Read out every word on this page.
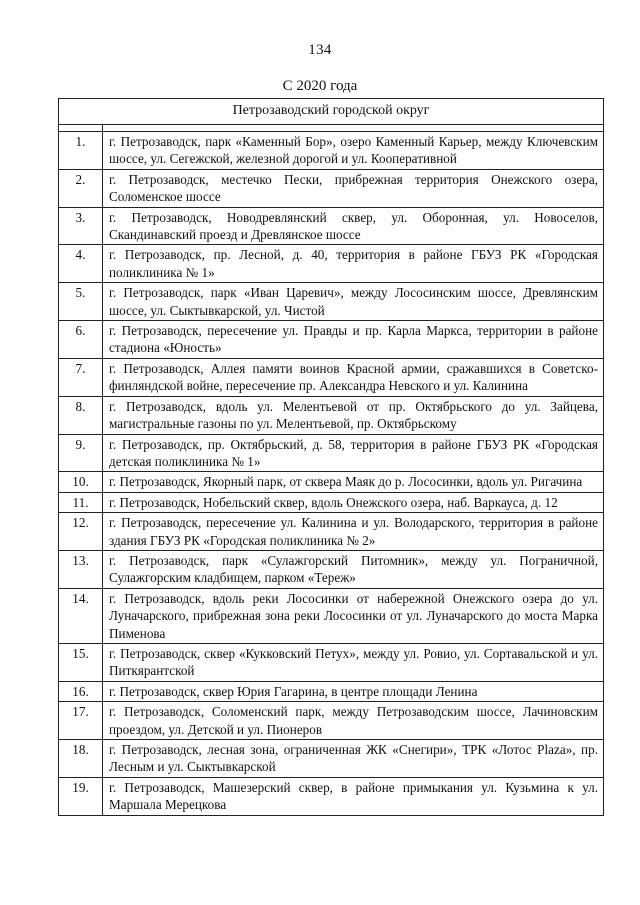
134
С 2020 года
Петрозаводский городской округ

1.	г. Петрозаводск, парк «Каменный Бор», озеро Каменный Карьер, между Ключевским шоссе, ул. Сегежской, железной дорогой и ул. Кооперативной
2.	г. Петрозаводск, местечко Пески, прибрежная территория Онежского озера, Соломенское шоссе
3.	г. Петрозаводск, Новодревлянский сквер, ул. Оборонная, ул. Новоселов, Скандинавский проезд и Древлянское шоссе
4.	г. Петрозаводск, пр. Лесной, д. 40, территория в районе ГБУЗ РК «Городская поликлиника № 1»
5.	г. Петрозаводск, парк «Иван Царевич», между Лососинским шоссе, Древлянским шоссе, ул. Сыктывкарской, ул. Чистой
6.	г. Петрозаводск, пересечение ул. Правды и пр. Карла Маркса, территории в районе стадиона «Юность»
7.	г. Петрозаводск, Аллея памяти воинов Красной армии, сражавшихся в Советско-финляндской войне, пересечение пр. Александра Невского и ул. Калинина
8.	г. Петрозаводск, вдоль ул. Мелентьевой от пр. Октябрьского до ул. Зайцева, магистральные газоны по ул. Мелентьевой, пр. Октябрьскому
9.	г. Петрозаводск, пр. Октябрьский, д. 58, территория в районе ГБУЗ РК «Городская детская поликлиника № 1»
10.	г. Петрозаводск, Якорный парк, от сквера Маяк до р. Лососинки, вдоль ул. Ригачина
11.	г. Петрозаводск, Нобельский сквер, вдоль Онежского озера, наб. Варкауса, д. 12
12.	г. Петрозаводск, пересечение ул. Калинина и ул. Володарского, территория в районе здания ГБУЗ РК «Городская поликлиника № 2»
13.	г. Петрозаводск, парк «Сулажгорский Питомник», между ул. Пограничной, Сулажгорским кладбищем, парком «Тереж»
14.	г. Петрозаводск, вдоль реки Лососинки от набережной Онежского озера до ул. Луначарского, прибрежная зона реки Лососинки от ул. Луначарского до моста Марка Пименова
15.	г. Петрозаводск, сквер «Кукковский Петух», между ул. Ровио, ул. Сортавальской и ул. Питкярантской
16.	г. Петрозаводск, сквер Юрия Гагарина, в центре площади Ленина
17.	г. Петрозаводск, Соломенский парк, между Петрозаводским шоссе, Лачиновским проездом, ул. Детской и ул. Пионеров
18.	г. Петрозаводск, лесная зона, ограниченная ЖК «Снегири», ТРК «Лотос Plaza», пр. Лесным и ул. Сыктывкарской
19.	г. Петрозаводск, Машезерский сквер, в районе примыкания ул. Кузьмина к ул. Маршала Мерецкова
